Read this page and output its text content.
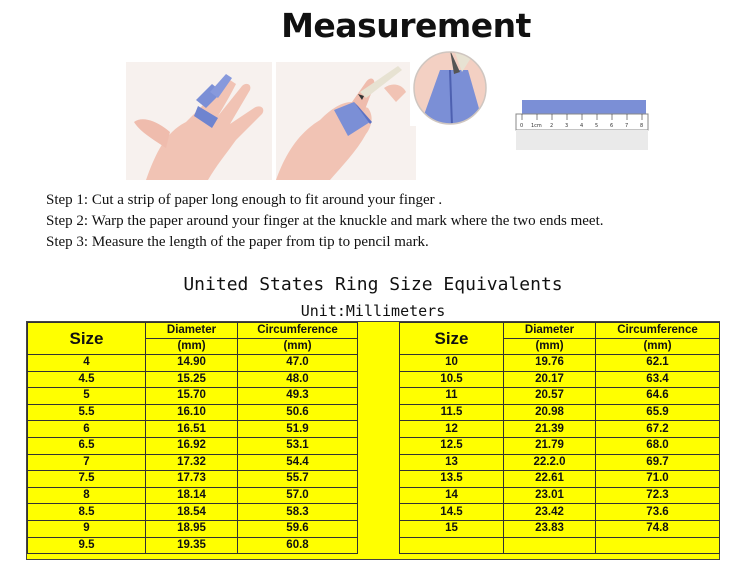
Measurement
0 1cm 2 3 4 5 6 7 8
Step 1: Cut a strip of paper long enough to fit around your finger .
Step 2: Warp the paper around your finger at the knuckle and mark where the two ends meet.
Step 3: Measure the length of the paper from tip to pencil mark.
United States Ring Size Equivalents
Unit:Millimeters
Size	Diameter	Circumference
	(mm)	(mm)
4	14.90	47.0
4.5	15.25	48.0
5	15.70	49.3
5.5	16.10	50.6
6	16.51	51.9
6.5	16.92	53.1
7	17.32	54.4
7.5	17.73	55.7
8	18.14	57.0
8.5	18.54	58.3
9	18.95	59.6
9.5	19.35	60.8
Size	Diameter	Circumference
	(mm)	(mm)
10	19.76	62.1
10.5	20.17	63.4
11	20.57	64.6
11.5	20.98	65.9
12	21.39	67.2
12.5	21.79	68.0
13	22.2.0	69.7
13.5	22.61	71.0
14	23.01	72.3
14.5	23.42	73.6
15	23.83	74.8
